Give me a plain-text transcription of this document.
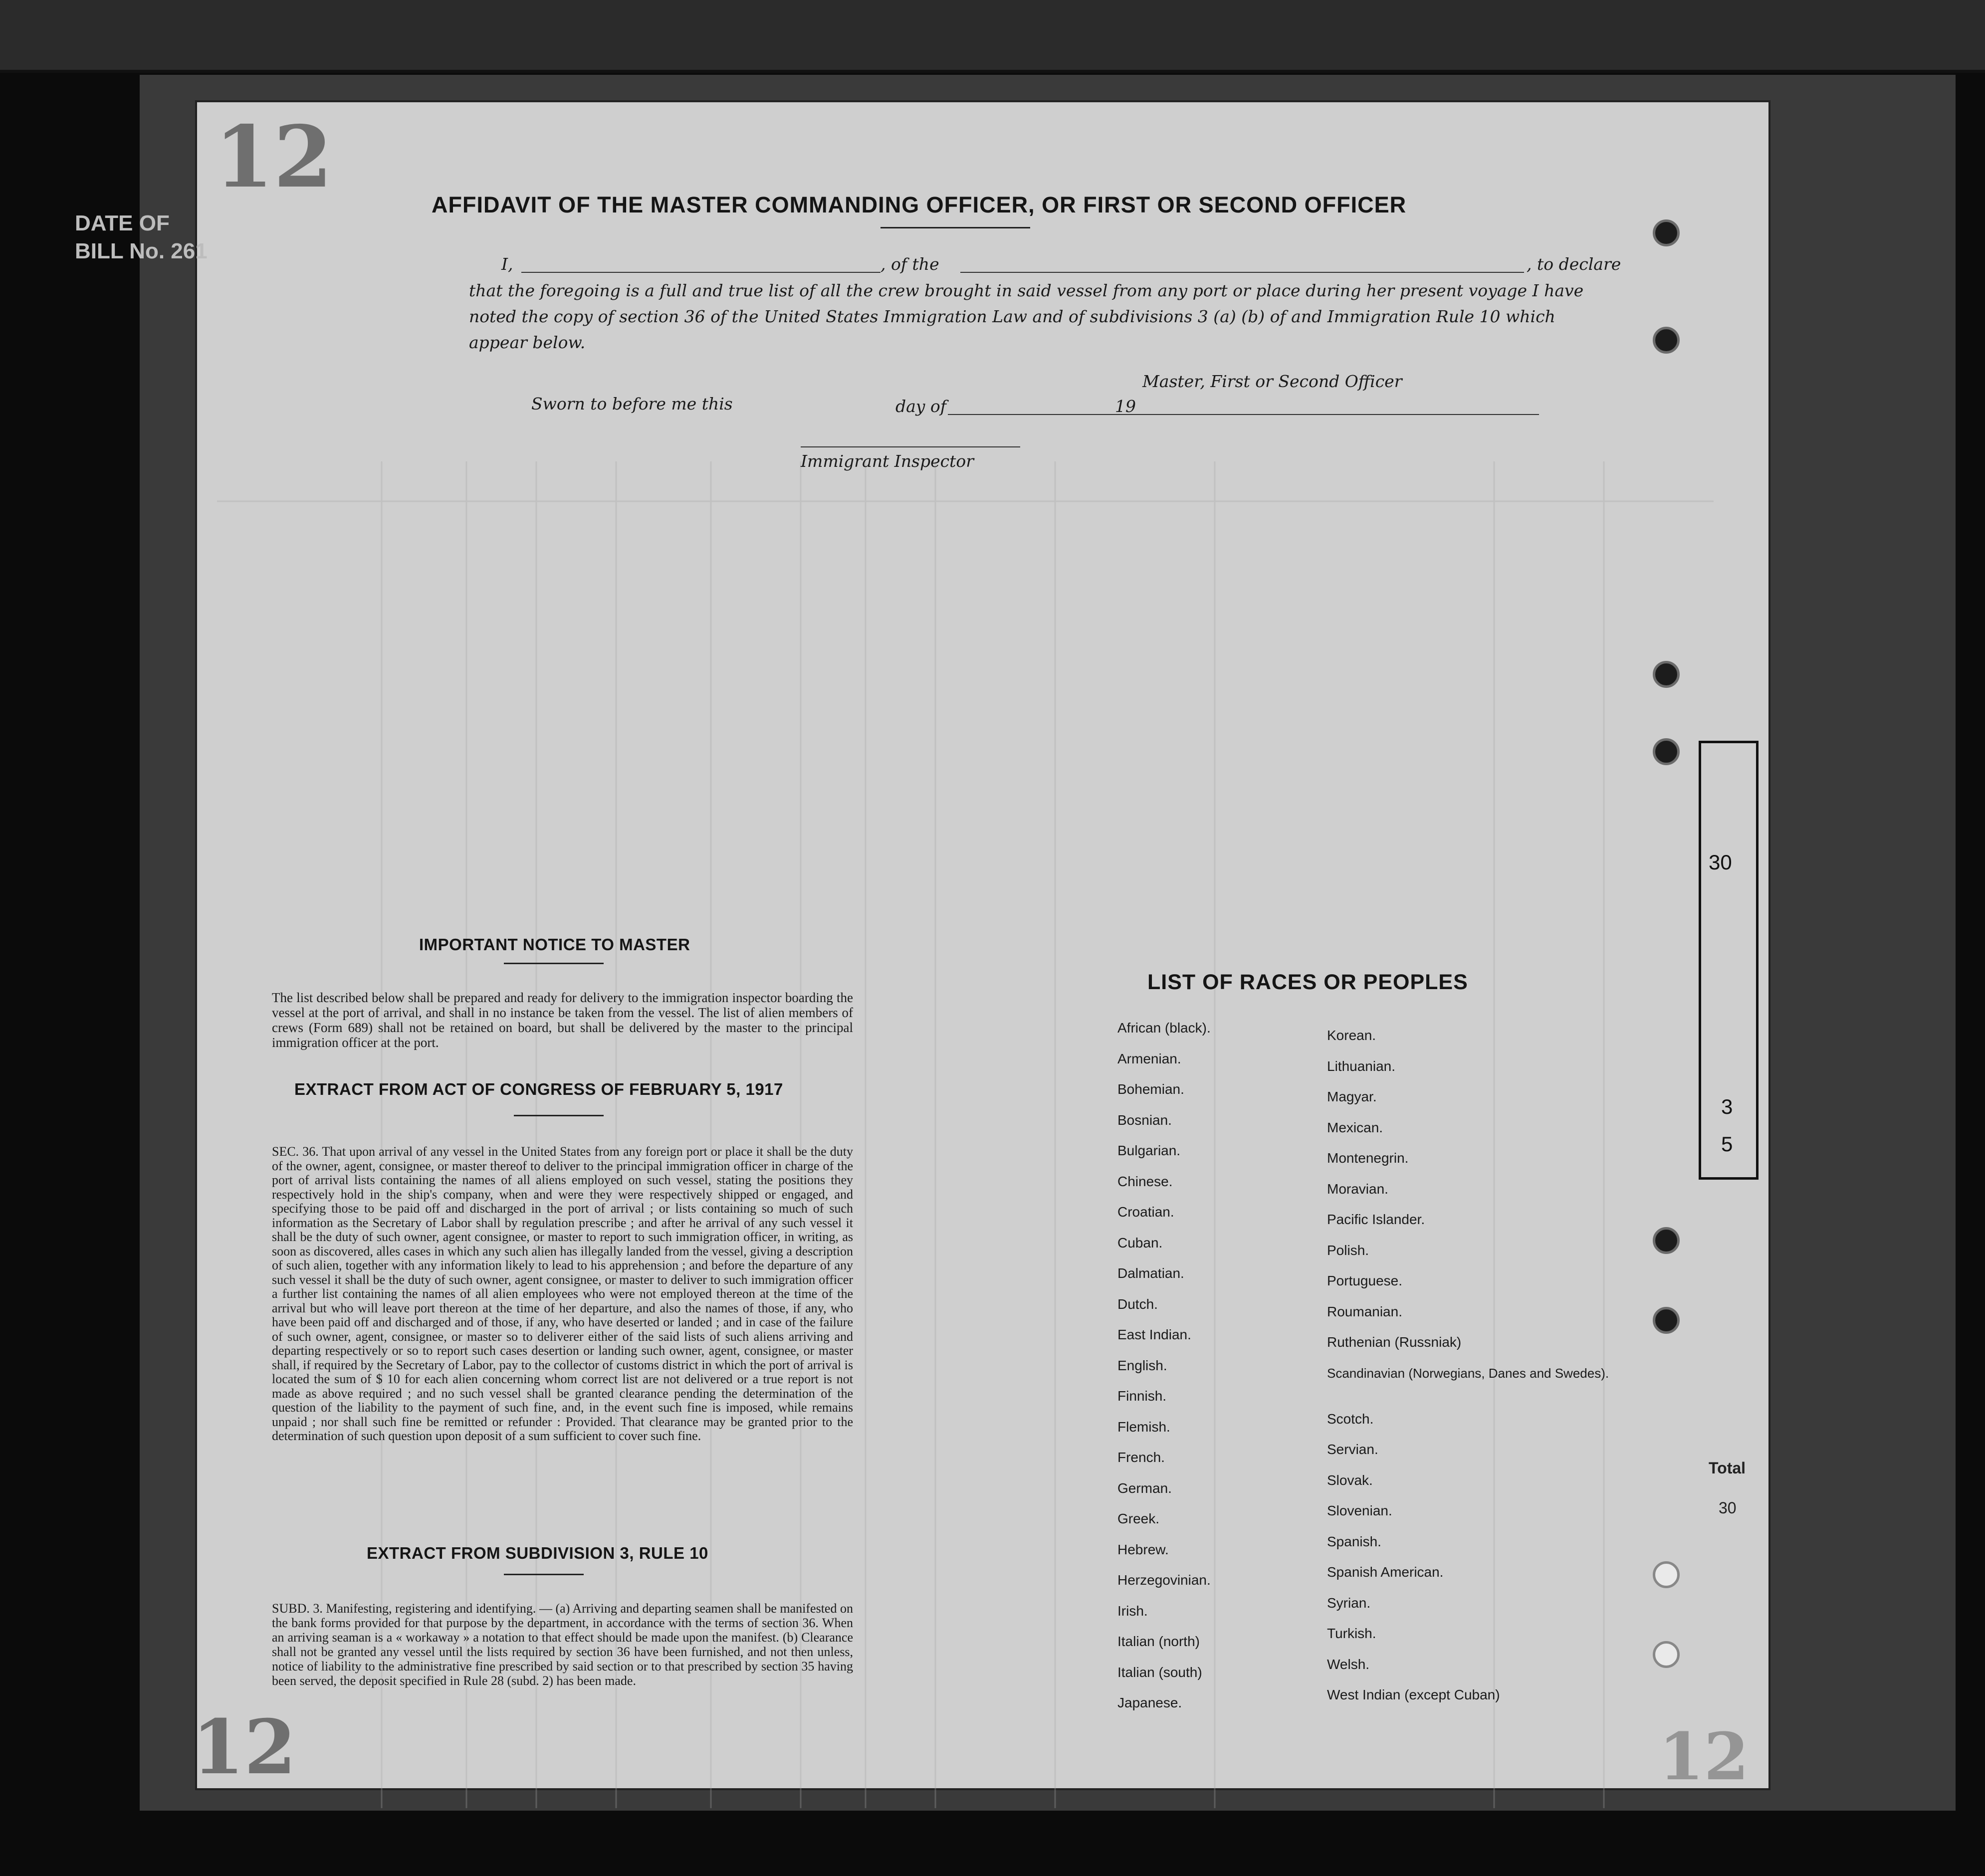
12
12	12
AFFIDAVIT OF THE MASTER COMMANDING OFFICER, OR FIRST OR SECOND OFFICER
I,	, of the	, to declare
that the foregoing is a full and true list of all the crew brought in said vessel from any port or place during her present voyage I have noted the copy of section 36 of the United States Immigration Law and of subdivisions 3 (a) (b) of and Immigration Rule 10 which appear below.
Master, First or Second Officer
Sworn to before me this	day of	19
Immigrant Inspector
IMPORTANT NOTICE TO MASTER
The list described below shall be prepared and ready for delivery to the immigration inspector boarding the vessel at the port of arrival, and shall in no instance be taken from the vessel. The list of alien members of crews (Form 689) shall not be retained on board, but shall be delivered by the master to the principal immigration officer at the port.
EXTRACT FROM ACT OF CONGRESS OF FEBRUARY 5, 1917
SEC. 36. That upon arrival of any vessel in the United States from any foreign port or place it shall be the duty of the owner, agent, consignee, or master thereof to deliver to the principal immigration officer in charge of the port of arrival lists containing the names of all aliens employed on such vessel, stating the positions they respectively hold in the ship's company, when and were they were respectively shipped or engaged, and specifying those to be paid off and discharged in the port of arrival ; or lists containing so much of such information as the Secretary of Labor shall by regulation prescribe ; and after he arrival of any such vessel it shall be the duty of such owner, agent consignee, or master to report to such immigration officer, in writing, as soon as discovered, alles cases in which any such alien has illegally landed from the vessel, giving a description of such alien, together with any information likely to lead to his apprehension ; and before the departure of any such vessel it shall be the duty of such owner, agent consignee, or master to deliver to such immigration officer a further list containing the names of all alien employees who were not employed thereon at the time of the arrival but who will leave port thereon at the time of her departure, and also the names of those, if any, who have been paid off and discharged and of those, if any, who have deserted or landed ; and in case of the failure of such owner, agent, consignee, or master so to deliverer either of the said lists of such aliens arriving and departing respectively or so to report such cases desertion or landing such owner, agent, consignee, or master shall, if required by the Secretary of Labor, pay to the collector of customs district in which the port of arrival is located the sum of $ 10 for each alien concerning whom correct list are not delivered or a true report is not made as above required ; and no such vessel shall be granted clearance pending the determination of the question of the liability to the payment of such fine, and, in the event such fine is imposed, while remains unpaid ; nor shall such fine be remitted or refunder : Provided. That clearance may be granted prior to the determination of such question upon deposit of a sum sufficient to cover such fine.
EXTRACT FROM SUBDIVISION 3, RULE 10
SUBD. 3. Manifesting, registering and identifying. — (a) Arriving and departing seamen shall be manifested on the bank forms provided for that purpose by the department, in accordance with the terms of section 36. When an arriving seaman is a « workaway » a notation to that effect should be made upon the manifest. (b) Clearance shall not be granted any vessel until the lists required by section 36 have been furnished, and not then unless, notice of liability to the administrative fine prescribed by said section or to that prescribed by section 35 having been served, the deposit specified in Rule 28 (subd. 2) has been made.
LIST OF RACES OR PEOPLES
African (black).
Armenian.
Bohemian.
Bosnian.
Bulgarian.
Chinese.
Croatian.
Cuban.
Dalmatian.
Dutch.
East Indian.
English.
Finnish.
Flemish.
French.
German.
Greek.
Hebrew.
Herzegovinian.
Irish.
Italian (north)
Italian (south)
Japanese.
Korean.
Lithuanian.
Magyar.
Mexican.
Montenegrin.
Moravian.
Pacific Islander.
Polish.
Portuguese.
Roumanian.
Ruthenian (Russniak)
Scandinavian (Norwegians, Danes and Swedes).
Scotch.
Servian.
Slovak.
Slovenian.
Spanish.
Spanish American.
Syrian.
Turkish.
Welsh.
West Indian (except Cuban)
30
3
5
Total
30
DATE OF
BILL No. 261
